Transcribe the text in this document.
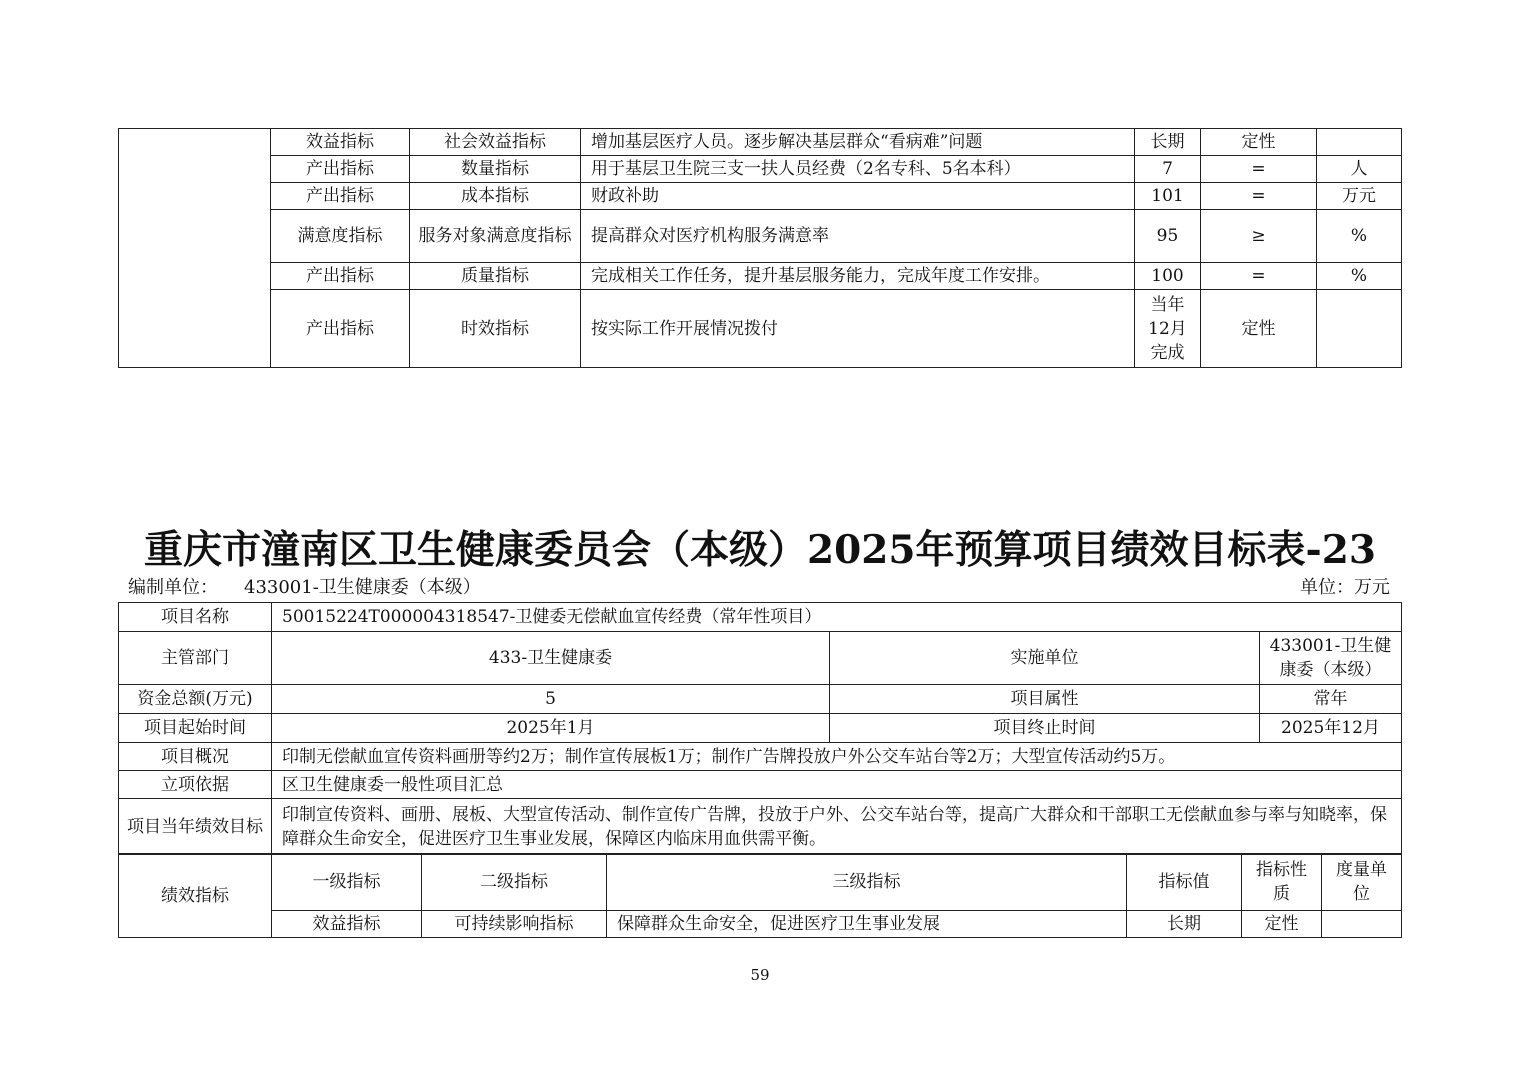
	效益指标	社会效益指标	增加基层医疗人员。逐步解决基层群众“看病难”问题	长期	定性	
	产出指标	数量指标	用于基层卫生院三支一扶人员经费（2名专科、5名本科）	7	=	人
	产出指标	成本指标	财政补助	101	=	万元
	满意度指标	服务对象满意度指标	提高群众对医疗机构服务满意率	95	≥	%
	产出指标	质量指标	完成相关工作任务，提升基层服务能力，完成年度工作安排。	100	=	%
	产出指标	时效指标	按实际工作开展情况拨付	当年12月完成	定性	
重庆市潼南区卫生健康委员会（本级）2025年预算项目绩效目标表-23
编制单位： 433001-卫生健康委（本级）	单位：万元
项目名称	50015224T000004318547-卫健委无偿献血宣传经费（常年性项目）		
主管部门	433-卫生健康委	实施单位	433001-卫生健康委（本级）
资金总额(万元)	5	项目属性	常年
项目起始时间	2025年1月	项目终止时间	2025年12月
项目概况	印制无偿献血宣传资料画册等约2万；制作宣传展板1万；制作广告牌投放户外公交车站台等2万；大型宣传活动约5万。		
立项依据	区卫生健康委一般性项目汇总		
项目当年绩效目标	印制宣传资料、画册、展板、大型宣传活动、制作宣传广告牌，投放于户外、公交车站台等，提高广大群众和干部职工无偿献血参与率与知晓率，保障群众生命安全，促进医疗卫生事业发展，保障区内临床用血供需平衡。		
绩效指标	一级指标	二级指标	三级指标	指标值	指标性质	度量单位
	效益指标	可持续影响指标	保障群众生命安全，促进医疗卫生事业发展	长期	定性	
59
